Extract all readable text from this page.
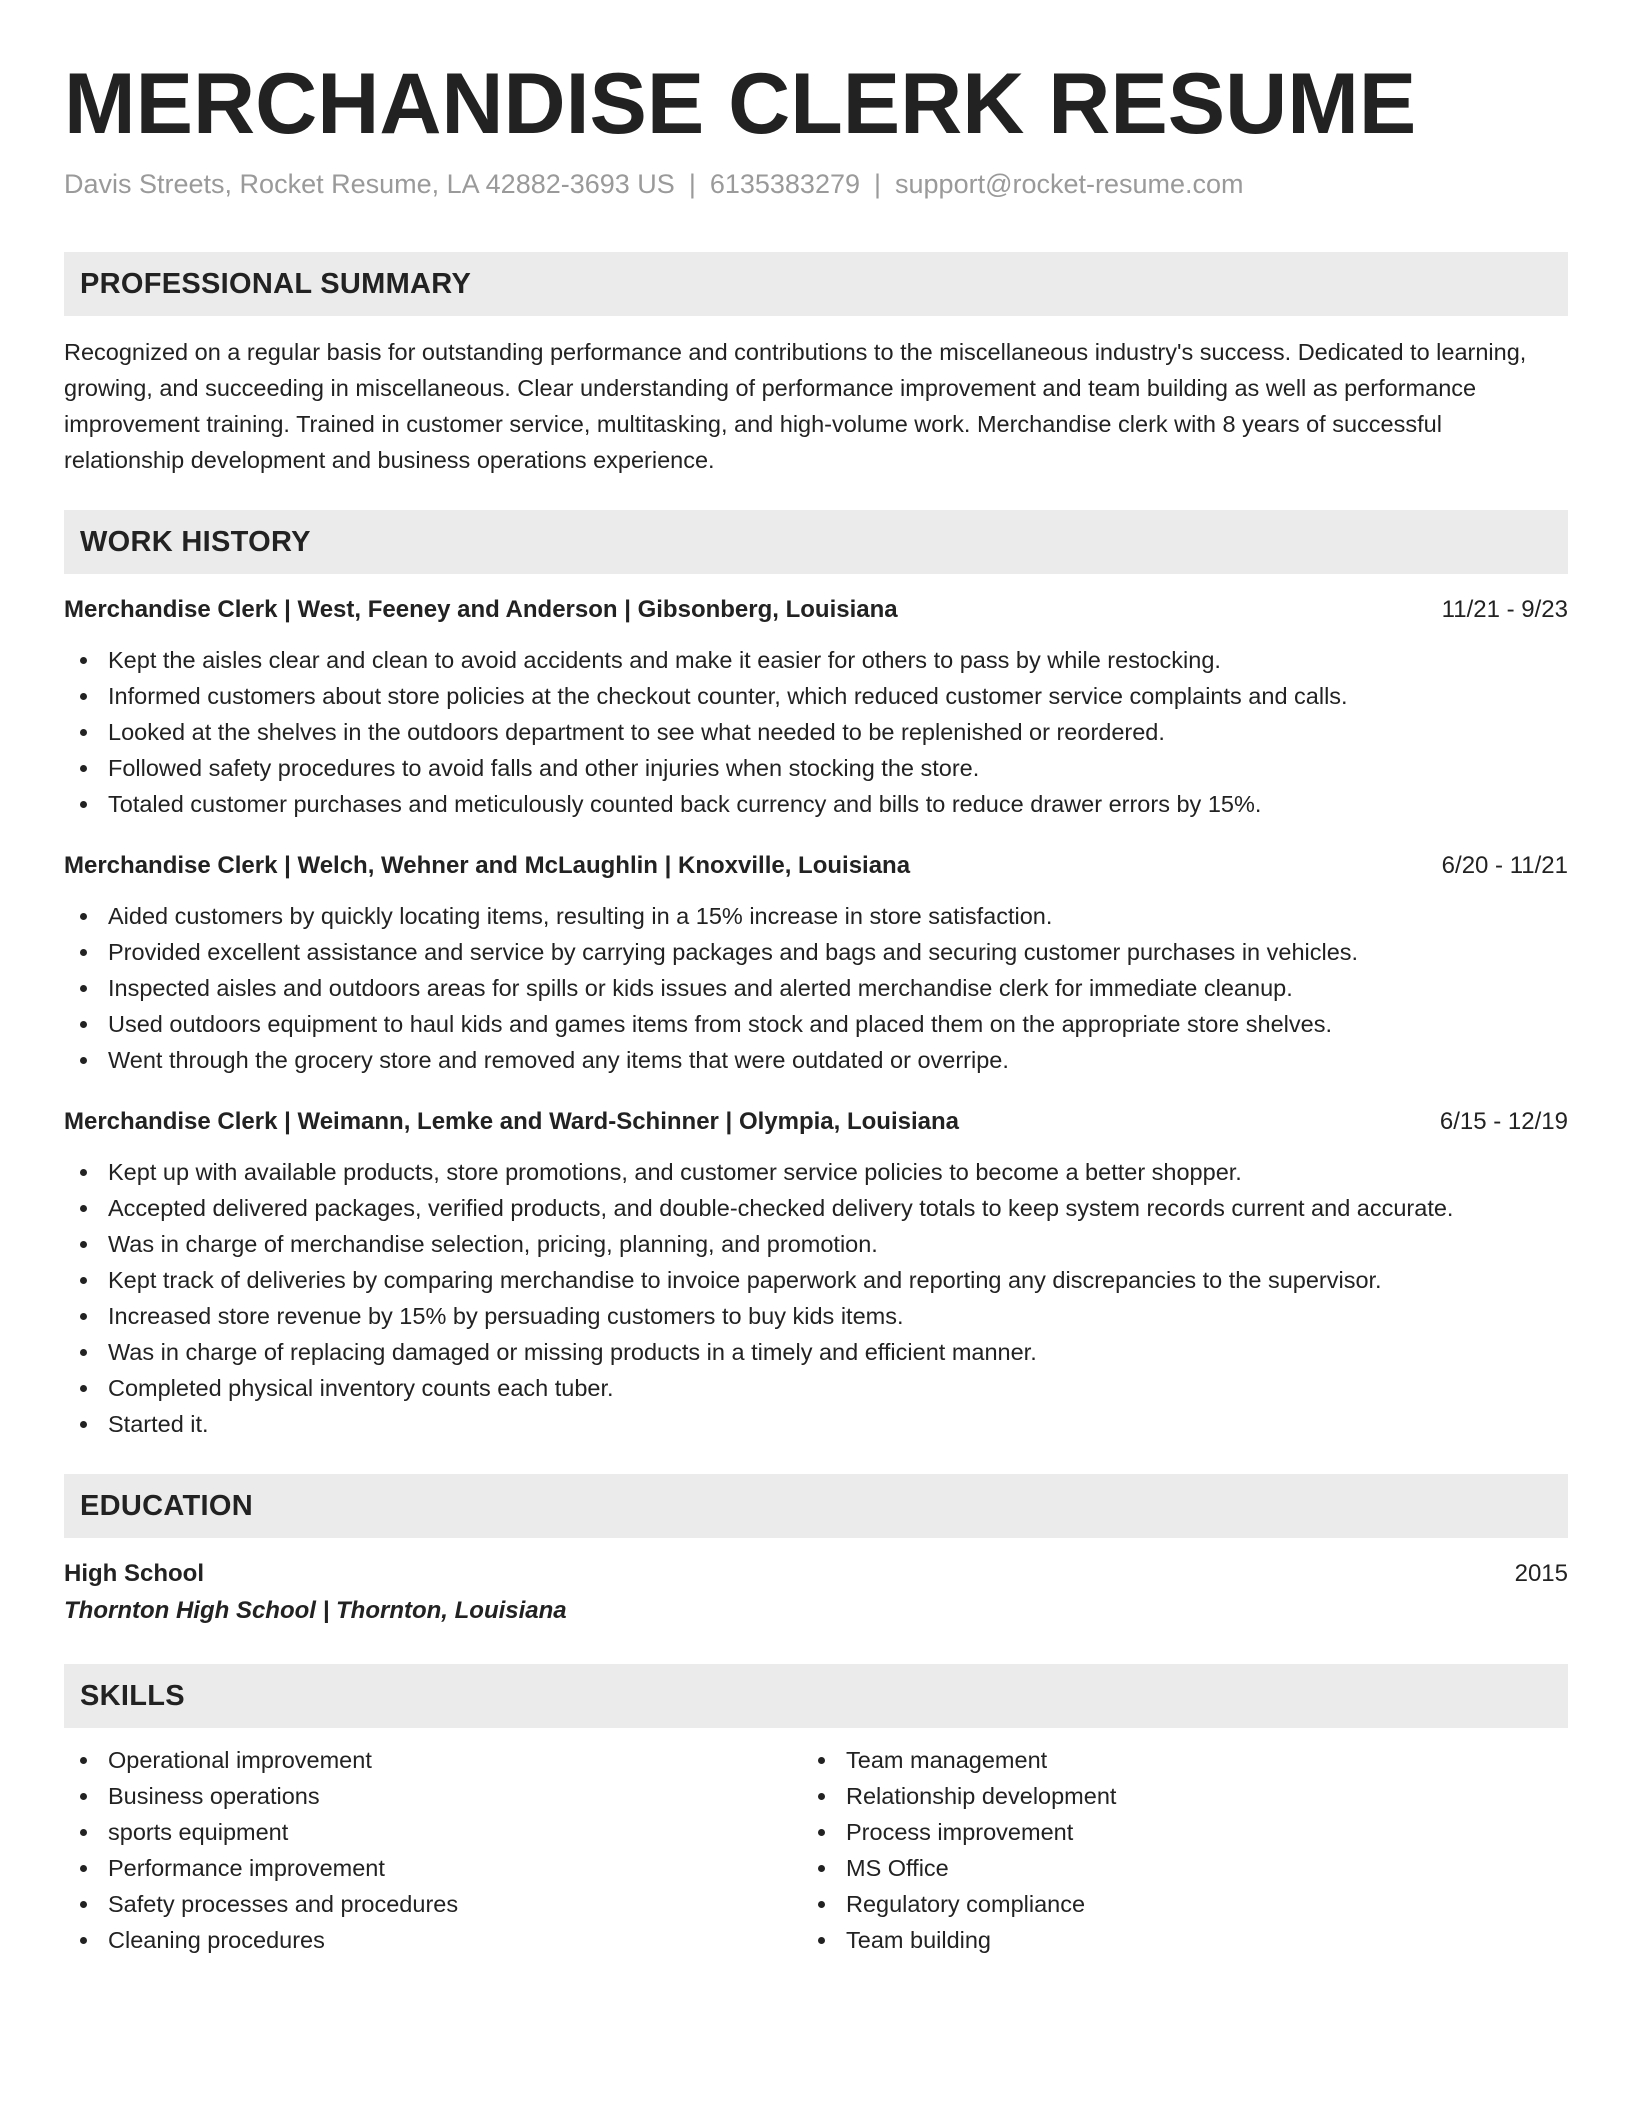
MERCHANDISE CLERK RESUME
Davis Streets, Rocket Resume, LA 42882-3693 US | 6135383279 | support@rocket-resume.com
PROFESSIONAL SUMMARY

Recognized on a regular basis for outstanding performance and contributions to the miscellaneous industry's success. Dedicated to learning, growing, and succeeding in miscellaneous. Clear understanding of performance improvement and team building as well as performance improvement training. Trained in customer service, multitasking, and high-volume work. Merchandise clerk with 8 years of successful relationship development and business operations experience.

WORK HISTORY
Merchandise Clerk | West, Feeney and Anderson | Gibsonberg, Louisiana	11/21 - 9/23
Kept the aisles clear and clean to avoid accidents and make it easier for others to pass by while restocking.
Informed customers about store policies at the checkout counter, which reduced customer service complaints and calls.
Looked at the shelves in the outdoors department to see what needed to be replenished or reordered.
Followed safety procedures to avoid falls and other injuries when stocking the store.
Totaled customer purchases and meticulously counted back currency and bills to reduce drawer errors by 15%.
Merchandise Clerk | Welch, Wehner and McLaughlin | Knoxville, Louisiana	6/20 - 11/21
Aided customers by quickly locating items, resulting in a 15% increase in store satisfaction.
Provided excellent assistance and service by carrying packages and bags and securing customer purchases in vehicles.
Inspected aisles and outdoors areas for spills or kids issues and alerted merchandise clerk for immediate cleanup.
Used outdoors equipment to haul kids and games items from stock and placed them on the appropriate store shelves.
Went through the grocery store and removed any items that were outdated or overripe.
Merchandise Clerk | Weimann, Lemke and Ward-Schinner | Olympia, Louisiana	6/15 - 12/19
Kept up with available products, store promotions, and customer service policies to become a better shopper.
Accepted delivered packages, verified products, and double-checked delivery totals to keep system records current and accurate.
Was in charge of merchandise selection, pricing, planning, and promotion.
Kept track of deliveries by comparing merchandise to invoice paperwork and reporting any discrepancies to the supervisor.
Increased store revenue by 15% by persuading customers to buy kids items.
Was in charge of replacing damaged or missing products in a timely and efficient manner.
Completed physical inventory counts each tuber.
Started it.
EDUCATION
High School	2015
Thornton High School | Thornton, Louisiana
SKILLS
Operational improvement
Business operations
sports equipment
Performance improvement
Safety processes and procedures
Cleaning procedures
Team management
Relationship development
Process improvement
MS Office
Regulatory compliance
Team building
